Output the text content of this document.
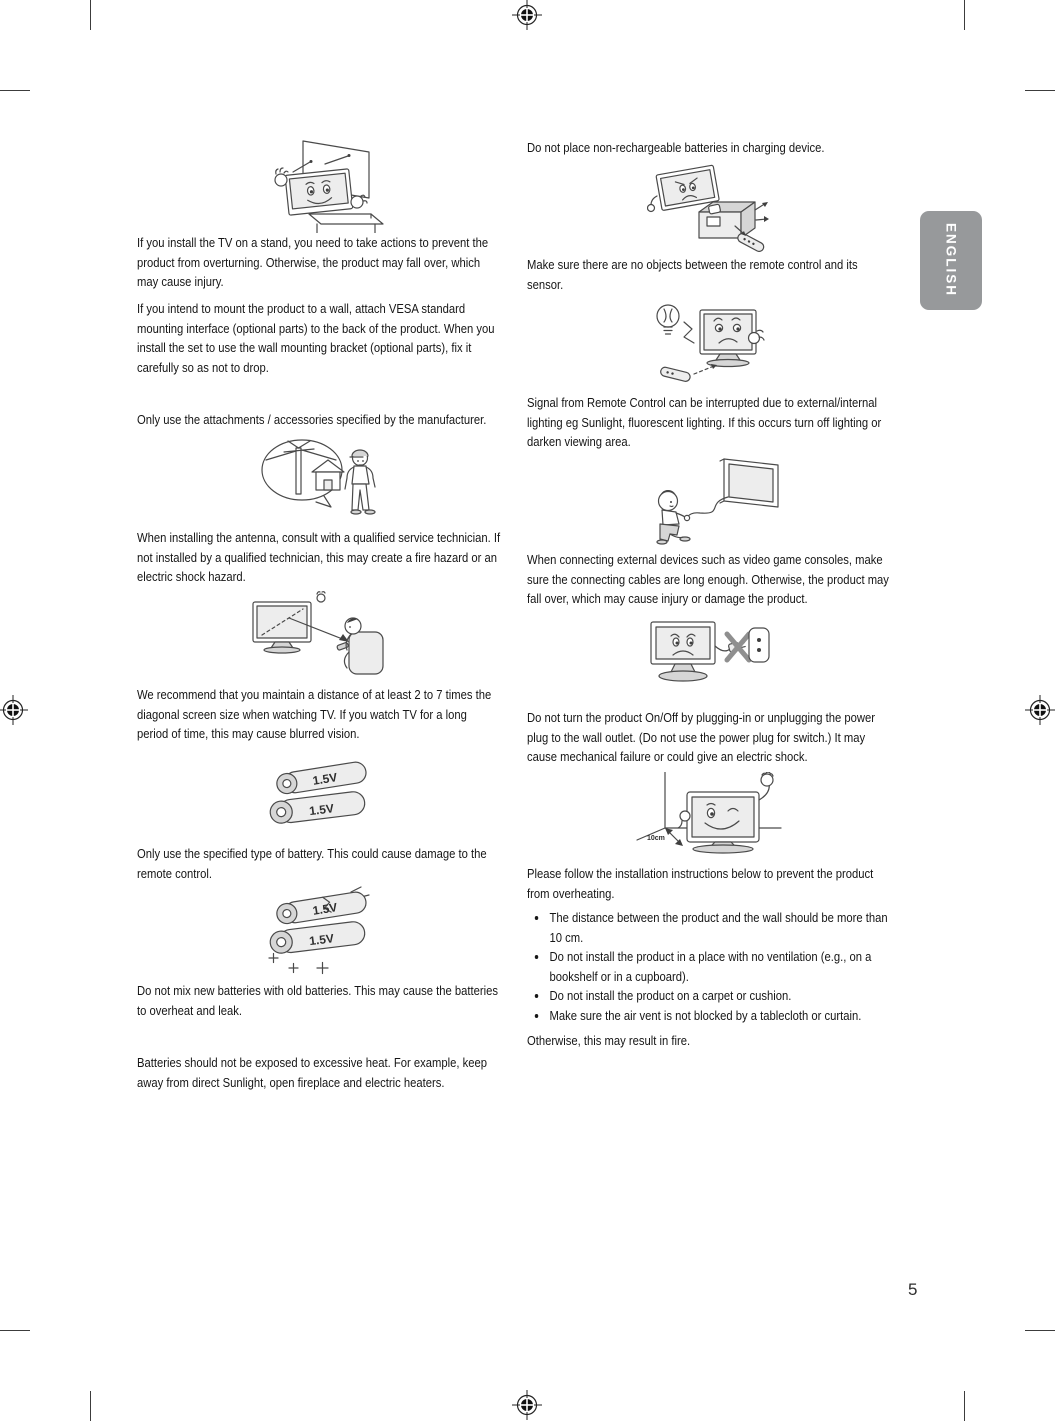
ENGLISH
5
If you install the TV on a stand, you need to take actions to prevent the product from overturning. Otherwise, the product may fall over, which may cause injury.
If you intend to mount the product to a wall, attach VESA standard mounting interface (optional parts) to the back of the product. When you install the set to use the wall mounting bracket (optional parts), fix it carefully so as not to drop.
Only use the attachments / accessories specified by the manufacturer.
When installing the antenna, consult with a qualified service technician. If not installed by a qualified technician, this may create a fire hazard or an electric shock hazard.
We recommend that you maintain a distance of at least 2 to 7 times the diagonal screen size when watching TV. If you watch TV for a long period of time, this may cause blurred vision.
1.5V
1.5V
Only use the specified type of battery. This could cause damage to the remote control.
1.5V
1.5V
Do not mix new batteries with old batteries. This may cause the batteries to overheat and leak.
Batteries should not be exposed to excessive heat. For example, keep away from direct Sunlight, open fireplace and electric heaters.
Do not place non-rechargeable batteries in charging device.
Make sure there are no objects between the remote control and its sensor.
Signal from Remote Control can be interrupted due to external/internal lighting eg Sunlight, fluorescent lighting. If this occurs turn off lighting or darken viewing area.
When connecting external devices such as video game consoles, make sure the connecting cables are long enough. Otherwise, the product may fall over, which may cause injury or damage the product.
Do not turn the product On/Off by plugging-in or unplugging the power plug to the wall outlet. (Do not use the power plug for switch.) It may cause mechanical failure or could give an electric shock.
10cm
Please follow the installation instructions below to prevent the product from overheating.
• The distance between the product and the wall should be more than 10 cm.
• Do not install the product in a place with no ventilation (e.g., on a bookshelf or in a cupboard).
• Do not install the product on a carpet or cushion.
• Make sure the air vent is not blocked by a tablecloth or curtain.
Otherwise, this may result in fire.
